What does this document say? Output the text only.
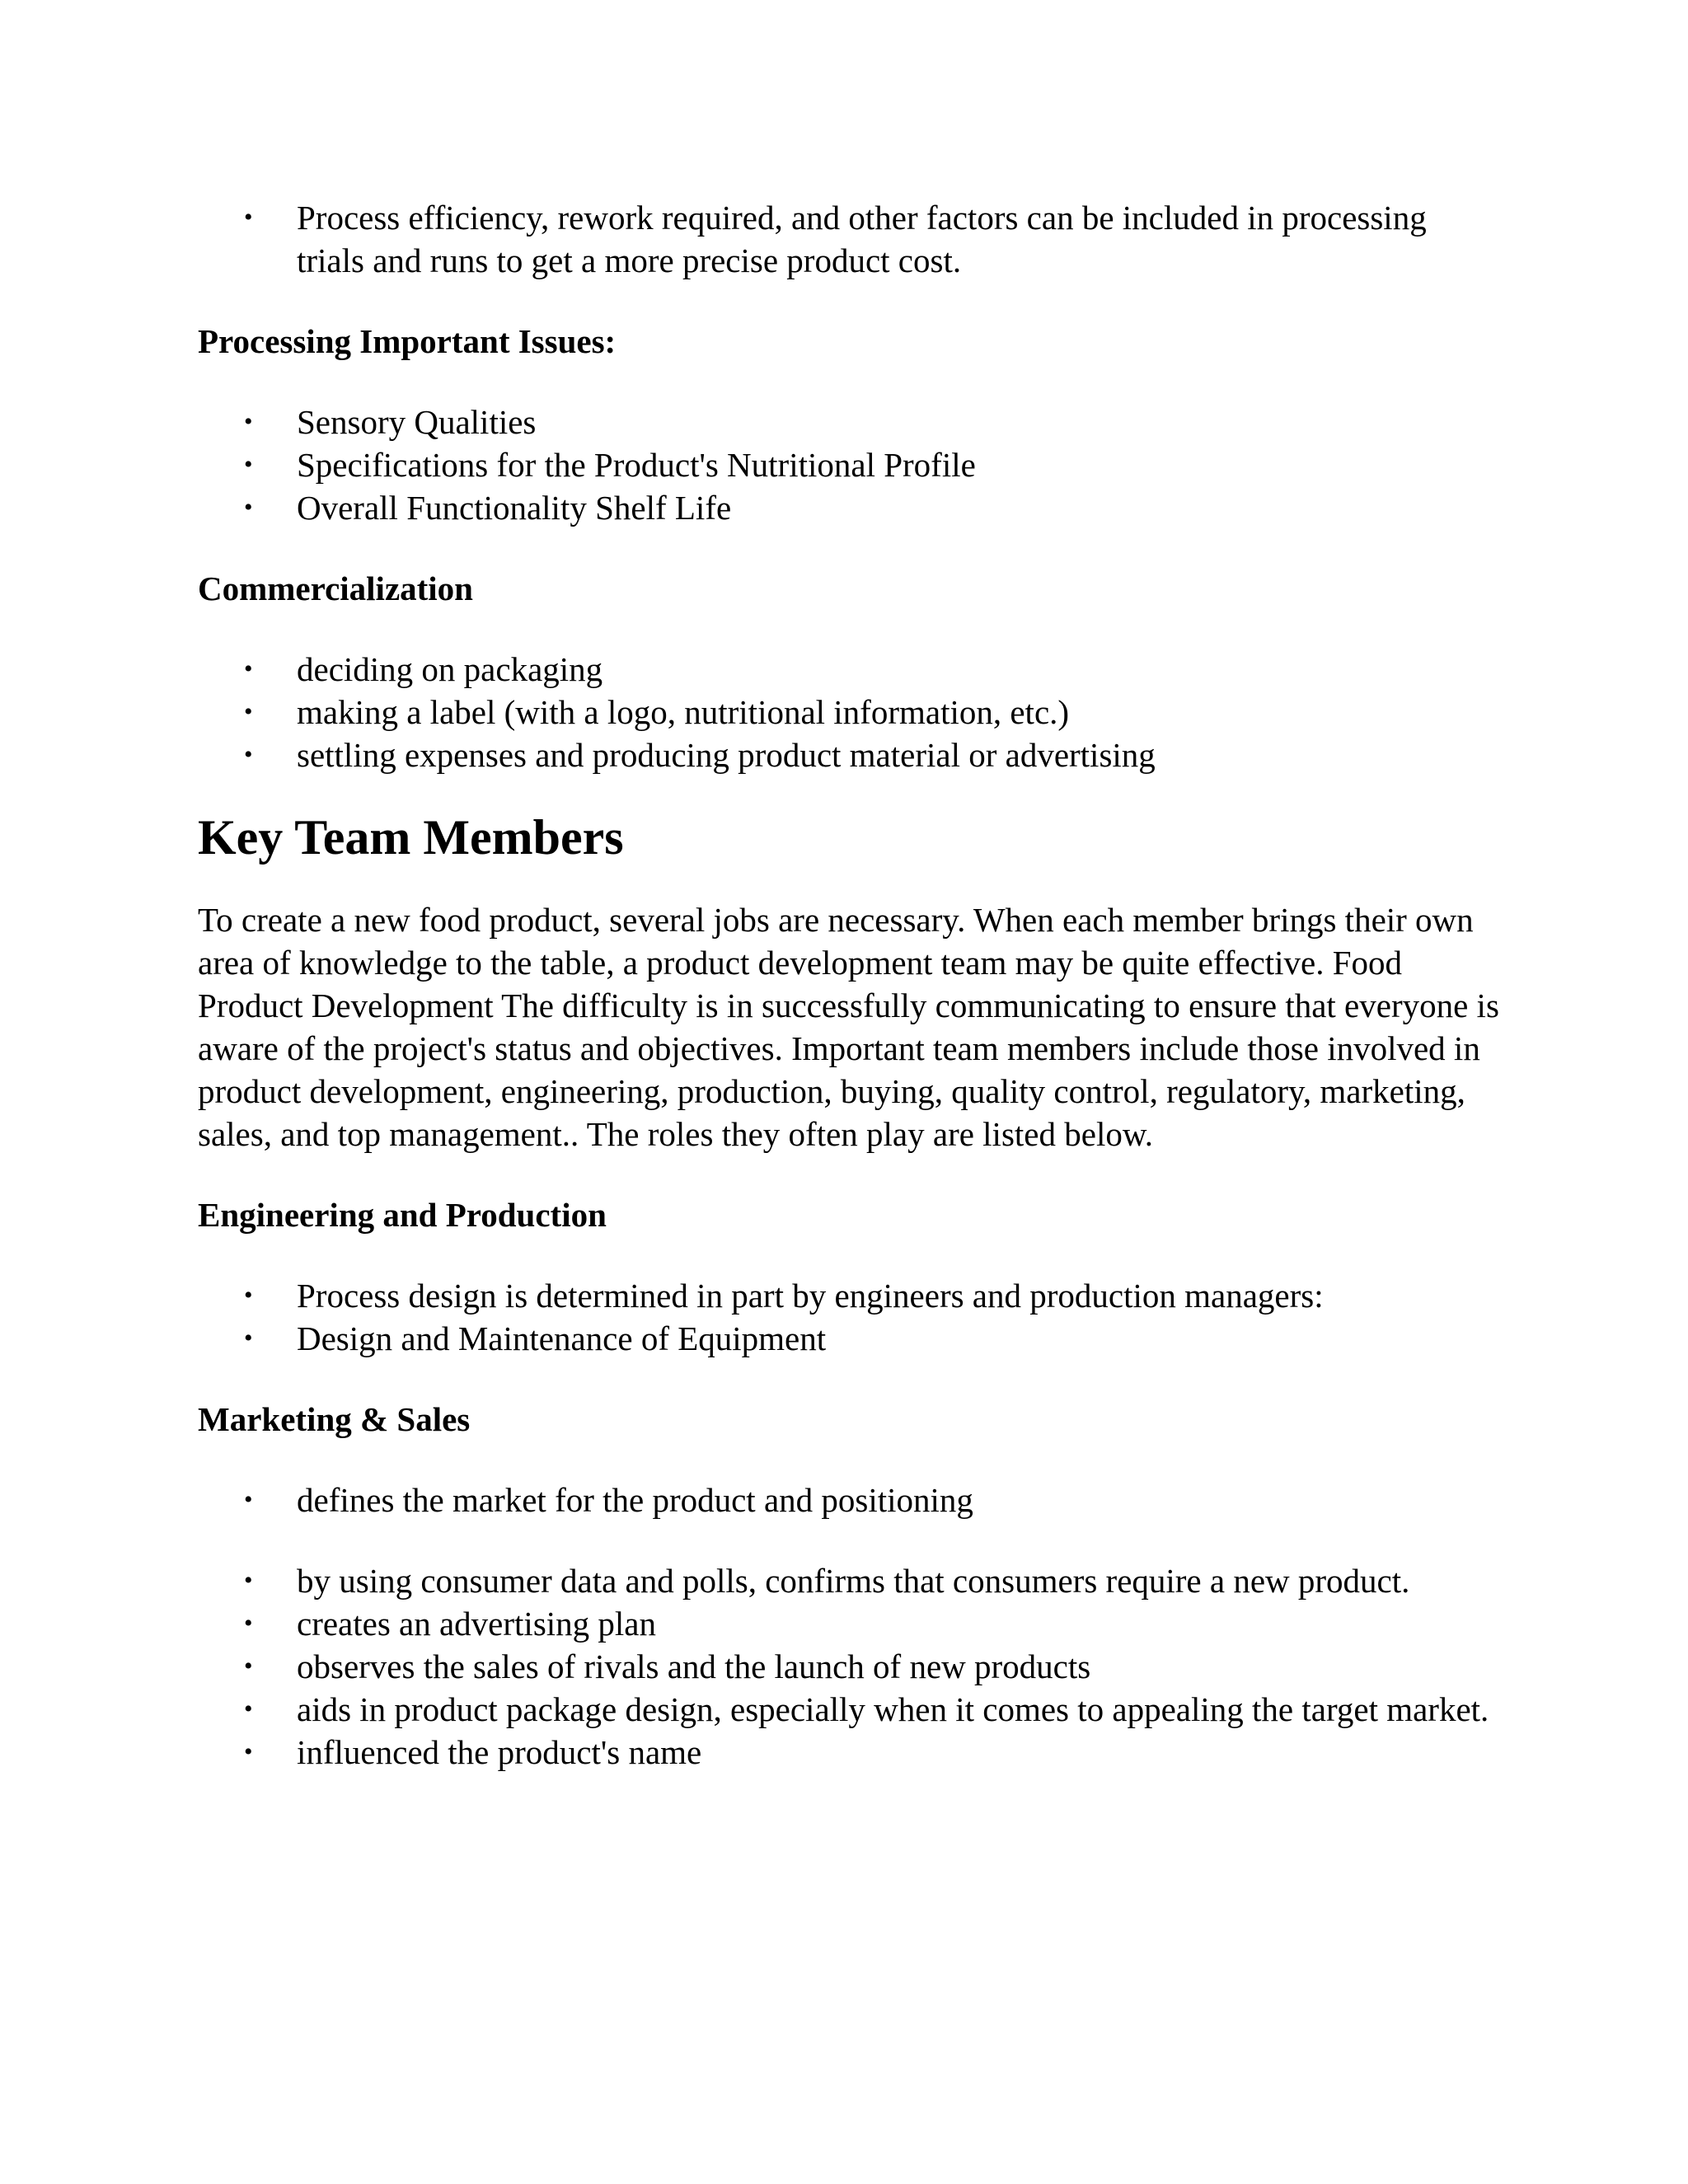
• Process efficiency, rework required, and other factors can be included in processing trials and runs to get a more precise product cost.

Processing Important Issues:

• Sensory Qualities
• Specifications for the Product's Nutritional Profile
• Overall Functionality Shelf Life

Commercialization

• deciding on packaging
• making a label (with a logo, nutritional information, etc.)
• settling expenses and producing product material or advertising
Key Team Members

To create a new food product, several jobs are necessary. When each member brings their own area of knowledge to the table, a product development team may be quite effective. Food Product Development The difficulty is in successfully communicating to ensure that everyone is aware of the project's status and objectives. Important team members include those involved in product development, engineering, production, buying, quality control, regulatory, marketing, sales, and top management.. The roles they often play are listed below.

Engineering and Production

• Process design is determined in part by engineers and production managers:
• Design and Maintenance of Equipment

Marketing & Sales

• defines the market for the product and positioning
• by using consumer data and polls, confirms that consumers require a new product.
• creates an advertising plan
• observes the sales of rivals and the launch of new products
• aids in product package design, especially when it comes to appealing the target market.
• influenced the product's name
